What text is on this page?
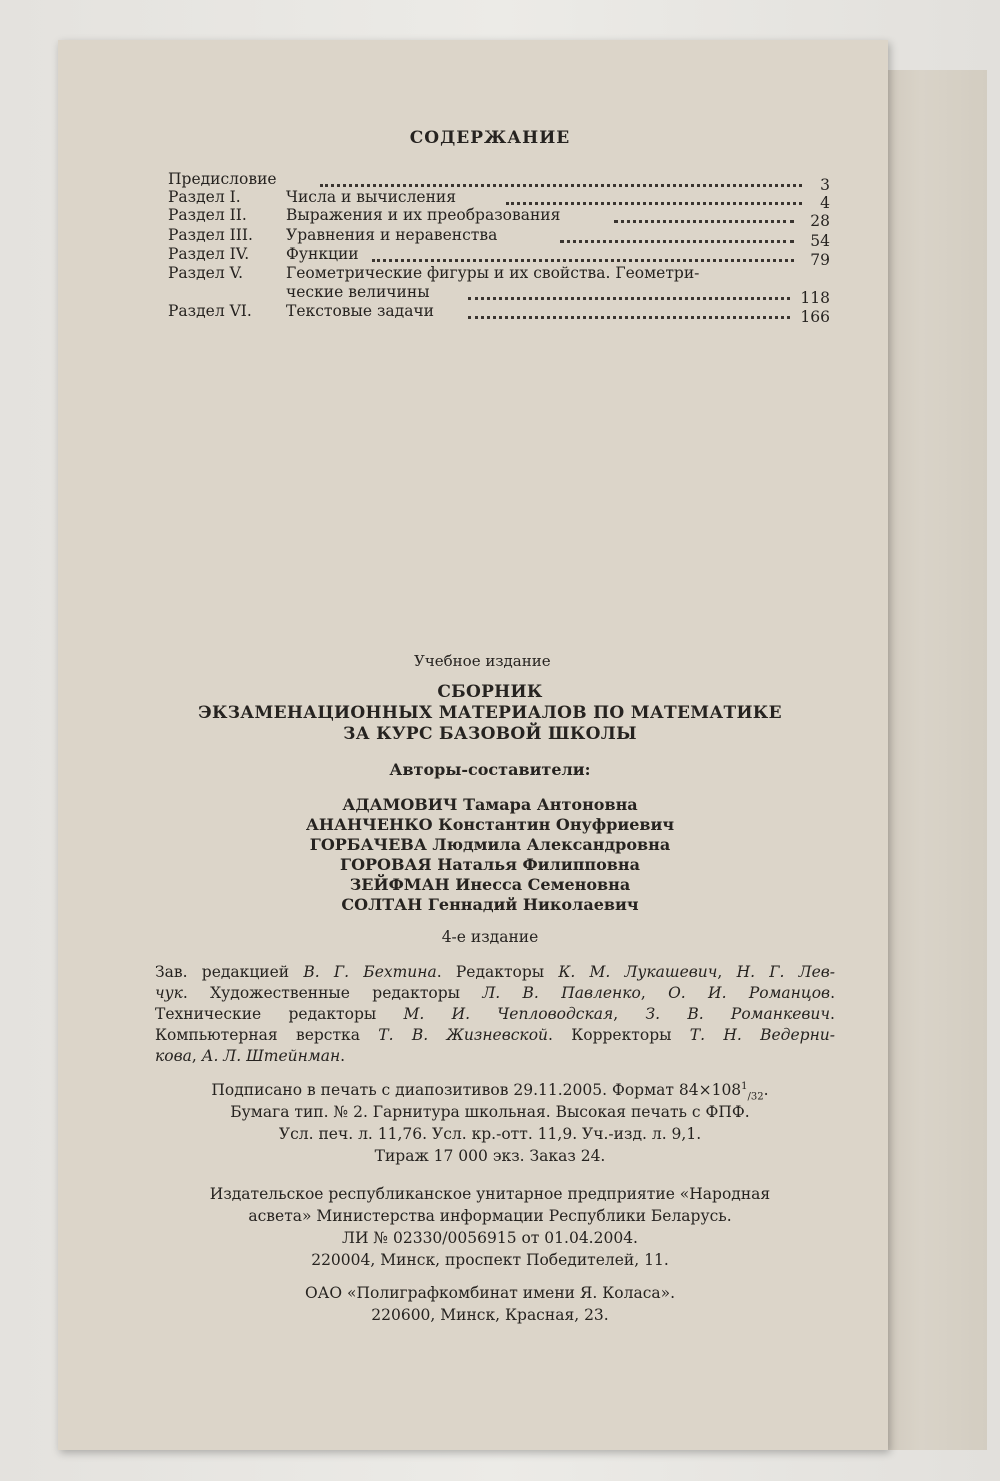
СОДЕРЖАНИЕ
Предисловие	3
Раздел I.	Числа и вычисления	4
Раздел II.	Выражения и их преобразования	28
Раздел III. Уравнения и неравенства	54
Раздел IV. Функции	79
Раздел V.	Геометрические фигуры и их свойства. Геометри-
ческие величины	118
Раздел VI. Текстовые задачи	166
Учебное издание
СБОРНИК
ЭКЗАМЕНАЦИОННЫХ МАТЕРИАЛОВ ПО МАТЕМАТИКЕ
ЗА КУРС БАЗОВОЙ ШКОЛЫ
Авторы-составители:
АДАМОВИЧ Тамара Антоновна
АНАНЧЕНКО Константин Онуфриевич
ГОРБАЧЕВА Людмила Александровна
ГОРОВАЯ Наталья Филипповна
ЗЕЙФМАН Инесса Семеновна
СОЛТАН Геннадий Николаевич
4-е издание
Зав. редакцией В. Г. Бехтина. Редакторы К. М. Лукашевич, Н. Г. Лев-
чук. Художественные редакторы Л. В. Павленко, О. И. Романцов.
Технические редакторы М. И. Чепловодская, З. В. Романкевич.
Компьютерная верстка Т. В. Жизневской. Корректоры Т. Н. Ведерни-
кова, А. Л. Штейнман.
Подписано в печать с диапозитивов 29.11.2005. Формат $84\times 108^1_{/32}$.
Бумага тип. № 2. Гарнитура школьная. Высокая печать с ФПФ.
Усл. печ. л. 11,76. Усл. кр.-отт. 11,9. Уч.-изд. л. 9,1.
Тираж 17 000 экз. Заказ 24.
Издательское республиканское унитарное предприятие «Народная
асвета» Министерства информации Республики Беларусь.
ЛИ № 02330/0056915 от 01.04.2004.
220004, Минск, проспект Победителей, 11.
ОАО «Полиграфкомбинат имени Я. Коласа».
220600, Минск, Красная, 23.
